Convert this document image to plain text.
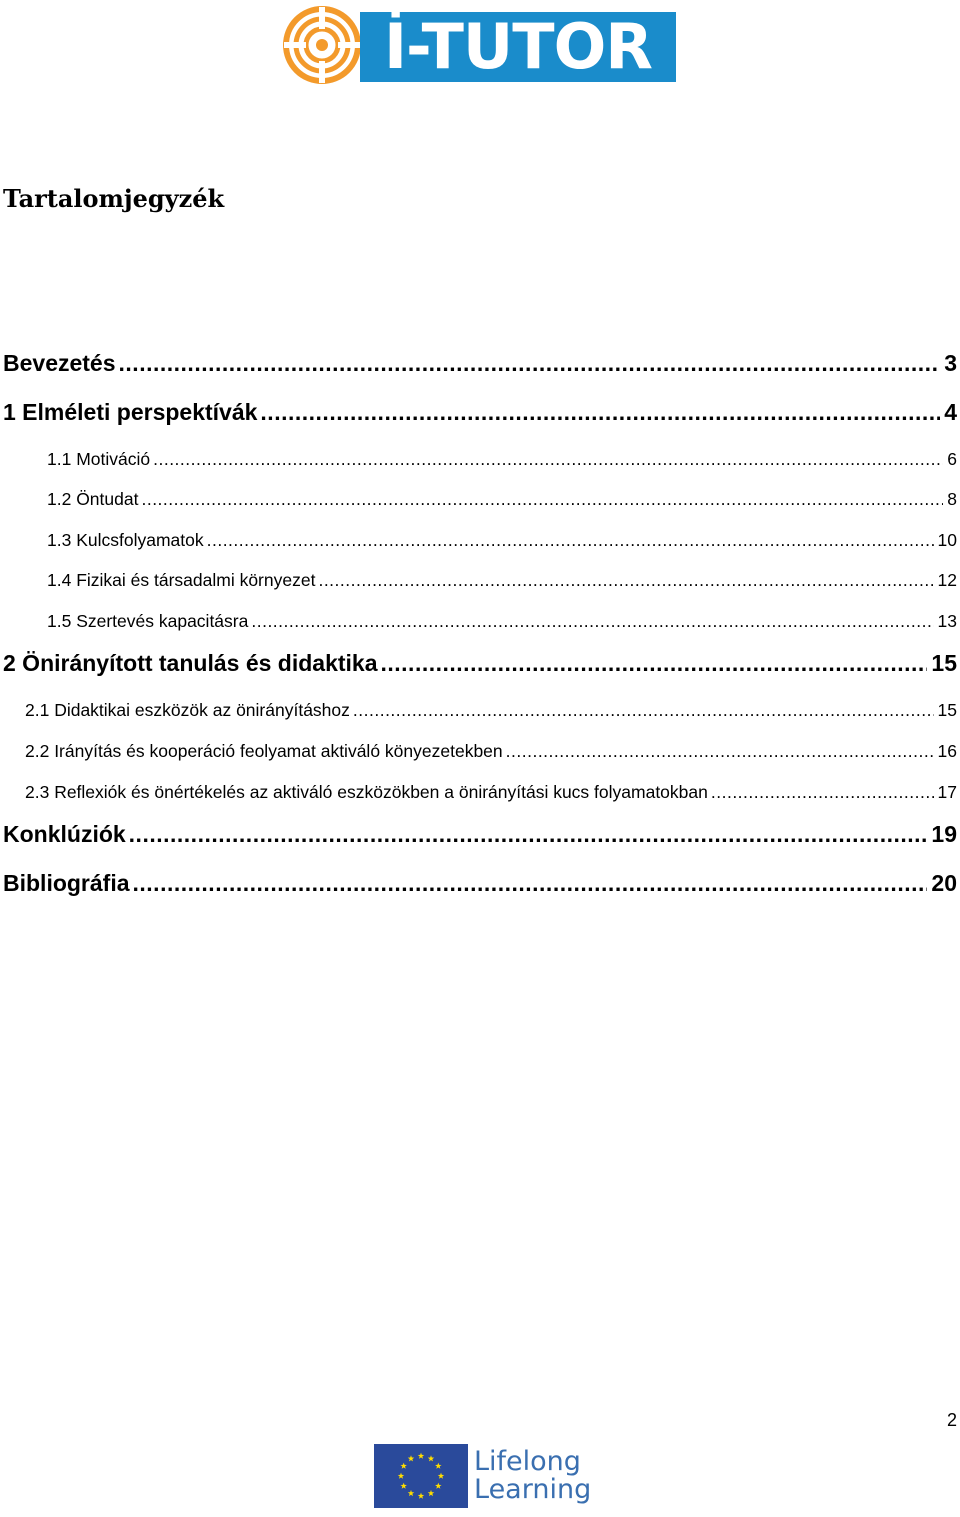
İ-TUTOR
Tartalomjegyzék
Bevezetés .....	3
1 Elméleti perspektívák .....	4
1.1 Motiváció .....	6
1.2 Öntudat .....	8
1.3 Kulcsfolyamatok .....	10
1.4 Fizikai és társadalmi környezet .....	12
1.5 Szertevés kapacitásra .....	13
2 Önirányított tanulás és didaktika .....	15
2.1 Didaktikai eszközök az önirányításhoz .....	15
2.2 Irányítás és kooperáció feolyamat aktiváló könyezetekben .....	16
2.3 Reflexiók és önértékelés az aktiváló eszközökben a önirányítási kucs folyamatokban .....	17
Konklúziók .....	19
Bibliográfia .....	20
2
Lifelong
Learning
